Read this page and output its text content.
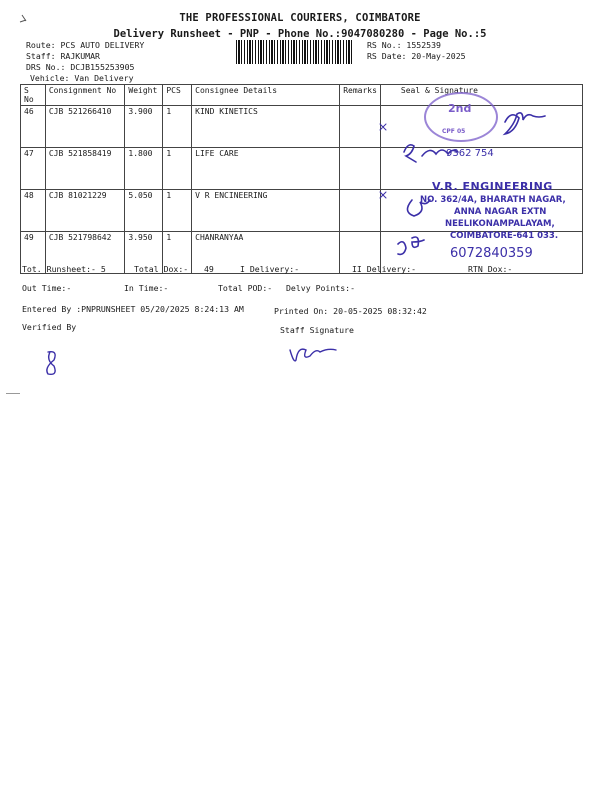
THE PROFESSIONAL COURIERS, COIMBATORE
Delivery Runsheet - PNP - Phone No.:9047080280 - Page No.:5
Route: PCS AUTO DELIVERY
Staff: RAJKUMAR
DRS No.: DCJB155253905
Vehicle: Van Delivery
RS No.: 1552539
RS Date: 20-May-2025
S No	Consignment No	Weight	PCS	Consignee Details	Remarks	Seal & Signature
46	CJB 521266410	3.900	1	KIND KINETICS		
47	CJB 521858419	1.800	1	LIFE CARE		
48	CJB 81021229	5.050	1	V R ENCINEERING		
49	CJB 521798642	3.950	1	CHANRANYAA		
2nd
CPF 05
9362 754
V.R. ENGINEERING
NO. 362/4A, BHARATH NAGAR,
ANNA NAGAR EXTN
NEELIKONAMPALAYAM,
COIMBATORE-641 033.
6072840359
Tot. Runsheet:- 5	Total Dox:- 49	I Delivery:-	II Delivery:-	RTN Dox:-
Out Time:-	In Time:-	Total POD:- Delvy Points:-
Entered By :PNPRUNSHEET 05/20/2025 8:24:13 AM	Printed On: 20-05-2025 08:32:42
Verified By	Staff Signature
